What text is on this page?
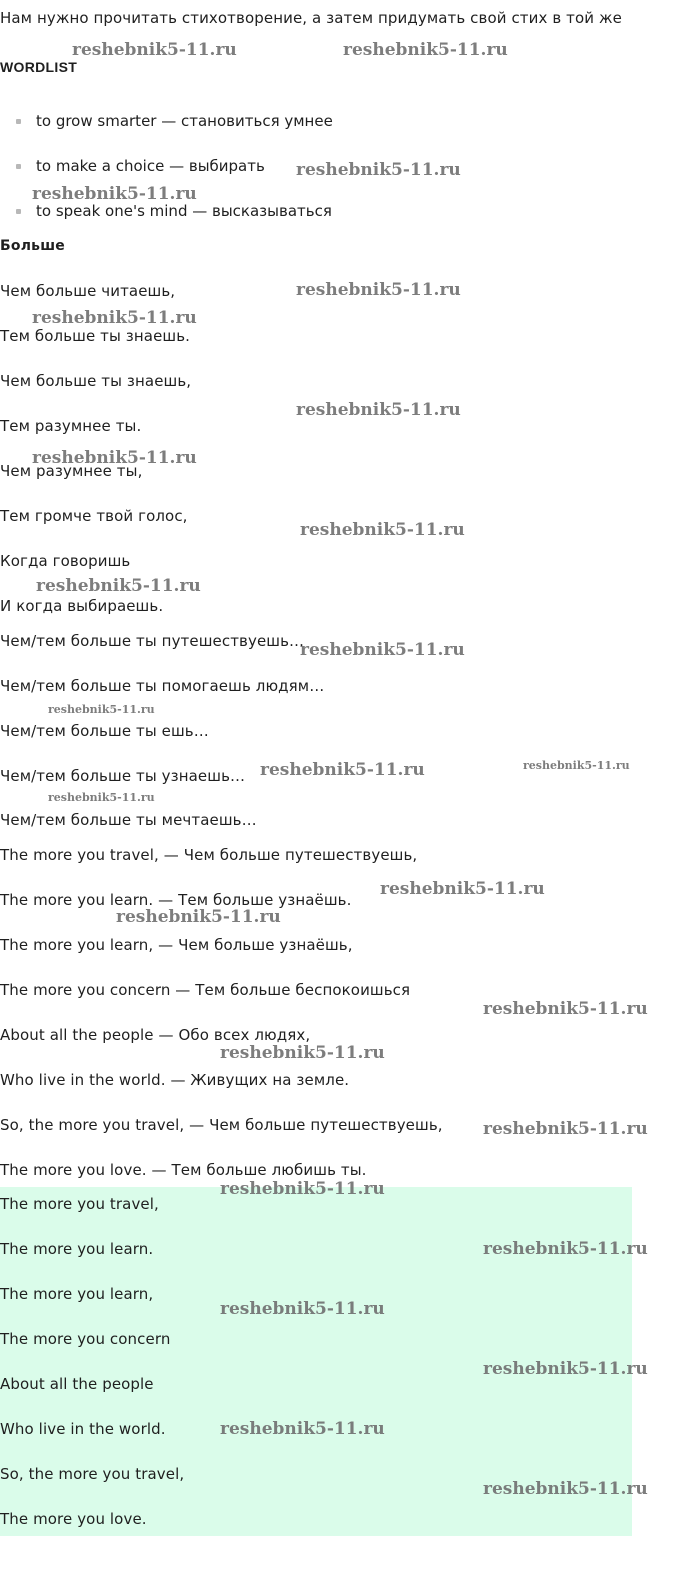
Нам нужно прочитать стихотворение, а затем придумать свой стих в той же
WORDLIST
to grow smarter — становиться умнее
to make a choice — выбирать
to speak one's mind — высказываться
Больше
Чем больше читаешь,
Тем больше ты знаешь.
Чем больше ты знаешь,
Тем разумнее ты.
Чем разумнее ты,
Тем громче твой голос,
Когда говоришь
И когда выбираешь.
Чем/тем больше ты путешествуешь…
Чем/тем больше ты помогаешь людям…
Чем/тем больше ты ешь…
Чем/тем больше ты узнаешь…
Чем/тем больше ты мечтаешь…
The more you travel, — Чем больше путешествуешь,
The more you learn. — Тем больше узнаёшь.
The more you learn, — Чем больше узнаёшь,
The more you concern — Тем больше беспокоишься
About all the people — Обо всех людях,
Who live in the world. — Живущих на земле.
So, the more you travel, — Чем больше путешествуешь,
The more you love. — Тем больше любишь ты.
The more you travel,
The more you learn.
The more you learn,
The more you concern
About all the people
Who live in the world.
So, the more you travel,
The more you love.
reshebnik5-11.ru	reshebnik5-11.ru
reshebnik5-11.ru
reshebnik5-11.ru
reshebnik5-11.ru
reshebnik5-11.ru
reshebnik5-11.ru
reshebnik5-11.ru
reshebnik5-11.ru
reshebnik5-11.ru
reshebnik5-11.ru
reshebnik5-11.ru
reshebnik5-11.ru	reshebnik5-11.ru
reshebnik5-11.ru
reshebnik5-11.ru
reshebnik5-11.ru
reshebnik5-11.ru
reshebnik5-11.ru
reshebnik5-11.ru
reshebnik5-11.ru
reshebnik5-11.ru
reshebnik5-11.ru
reshebnik5-11.ru
reshebnik5-11.ru
reshebnik5-11.ru
